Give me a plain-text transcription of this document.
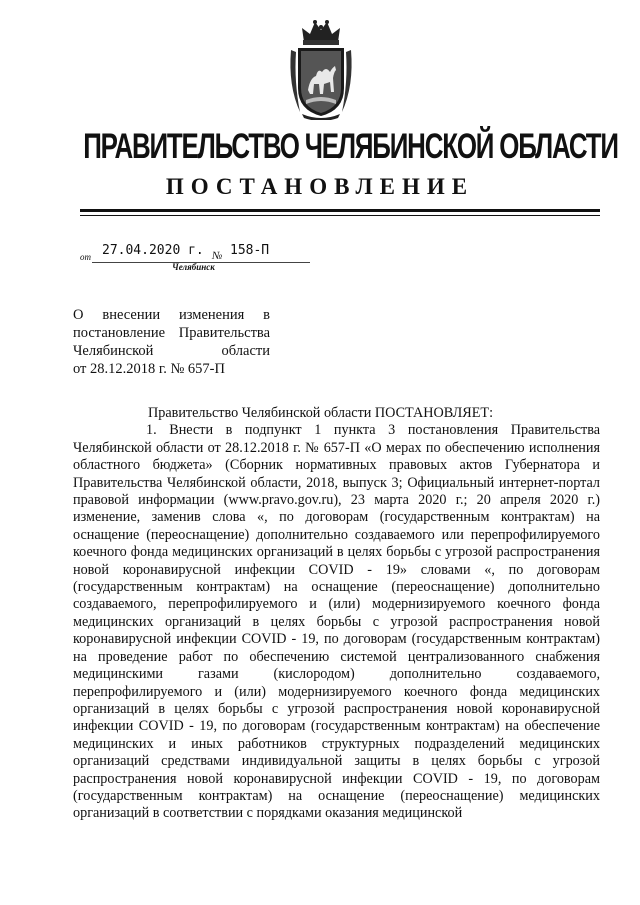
ПРАВИТЕЛЬСТВО ЧЕЛЯБИНСКОЙ ОБЛАСТИ
ПОСТАНОВЛЕНИЕ
от 27.04.2020 г. № 158-П
Челябинск
О внесении изменения в
постановление Правительства
Челябинской области
от 28.12.2018 г. № 657-П

Правительство Челябинской области ПОСТАНОВЛЯЕТ:

1. Внести в подпункт 1 пункта 3 постановления Правительства Челябинской области от 28.12.2018 г. № 657-П «О мерах по обеспечению исполнения областного бюджета» (Сборник нормативных правовых актов Губернатора и Правительства Челябинской области, 2018, выпуск 3; Официальный интернет-портал правовой информации (www.pravo.gov.ru), 23 марта 2020 г.; 20 апреля 2020 г.) изменение, заменив слова «, по договорам (государственным контрактам) на оснащение (переоснащение) дополнительно создаваемого или перепрофилируемого коечного фонда медицинских организаций в целях борьбы с угрозой распространения новой коронавирусной инфекции COVID - 19» словами «, по договорам (государственным контрактам) на оснащение (переоснащение) дополнительно создаваемого, перепрофилируемого и (или) модернизируемого коечного фонда медицинских организаций в целях борьбы с угрозой распространения новой коронавирусной инфекции COVID - 19, по договорам (государственным контрактам) на проведение работ по обеспечению системой централизованного снабжения медицинскими газами (кислородом) дополнительно создаваемого, перепрофилируемого и (или) модернизируемого коечного фонда медицинских организаций в целях борьбы с угрозой распространения новой коронавирусной инфекции COVID - 19, по договорам (государственным контрактам) на обеспечение медицинских и иных работников структурных подразделений медицинских организаций средствами индивидуальной защиты в целях борьбы с угрозой распространения новой коронавирусной инфекции COVID - 19, по договорам (государственным контрактам) на оснащение (переоснащение) медицинских организаций в соответствии с порядками оказания медицинской
